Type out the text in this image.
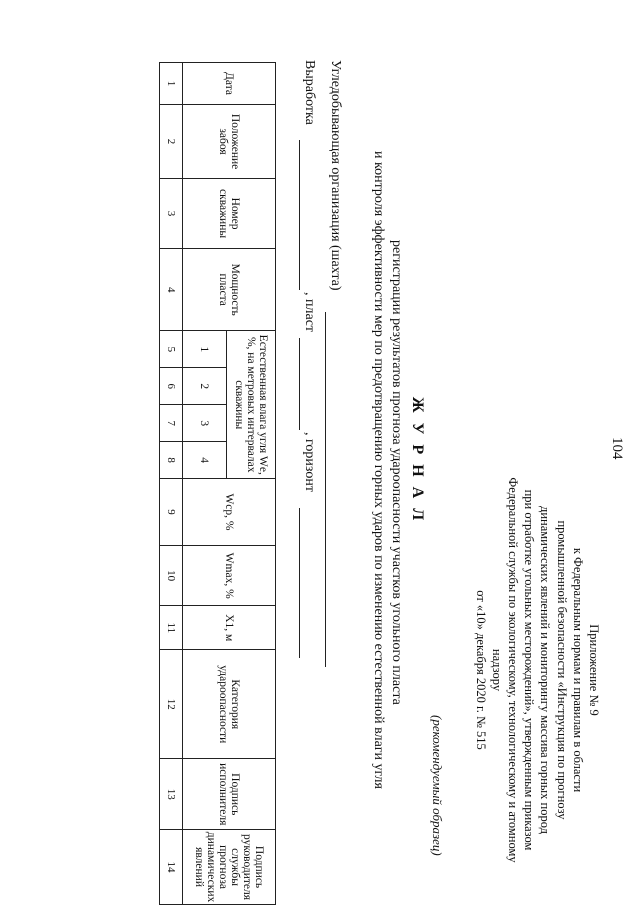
104
Приложение № 9
к Федеральным нормам и правилам в области
промышленной безопасности «Инструкция по прогнозу
динамических явлений и мониторингу массива горных пород
при отработке угольных месторождений», утвержденным приказом
Федеральной службы по экологическому, технологическому и атомному надзору
от «10» декабря 2020 г. № 515
(рекомендуемый образец)
Ж У Р Н А Л
регистрации результатов прогноза удароопасности участков угольного пласта
и контроля эффективности мер по предотвращению горных ударов по изменению естественной влаги угля
Угледобывающая организация (шахта)
Выработка
, пласт
, горизонт
Дата	Положение забоя	Номер скважины	Мощность пласта	Естественная влага угля Wе, %, на метровых интервалах скважины				Wср, %	Wmax, %	X1, м	Категория удароопасности	Подпись исполнителя	Подпись руководителя службы прогноза динамических явлений
				1	2	3	4						
1	2	3	4	5	6	7	8	9	10	11	12	13	14
